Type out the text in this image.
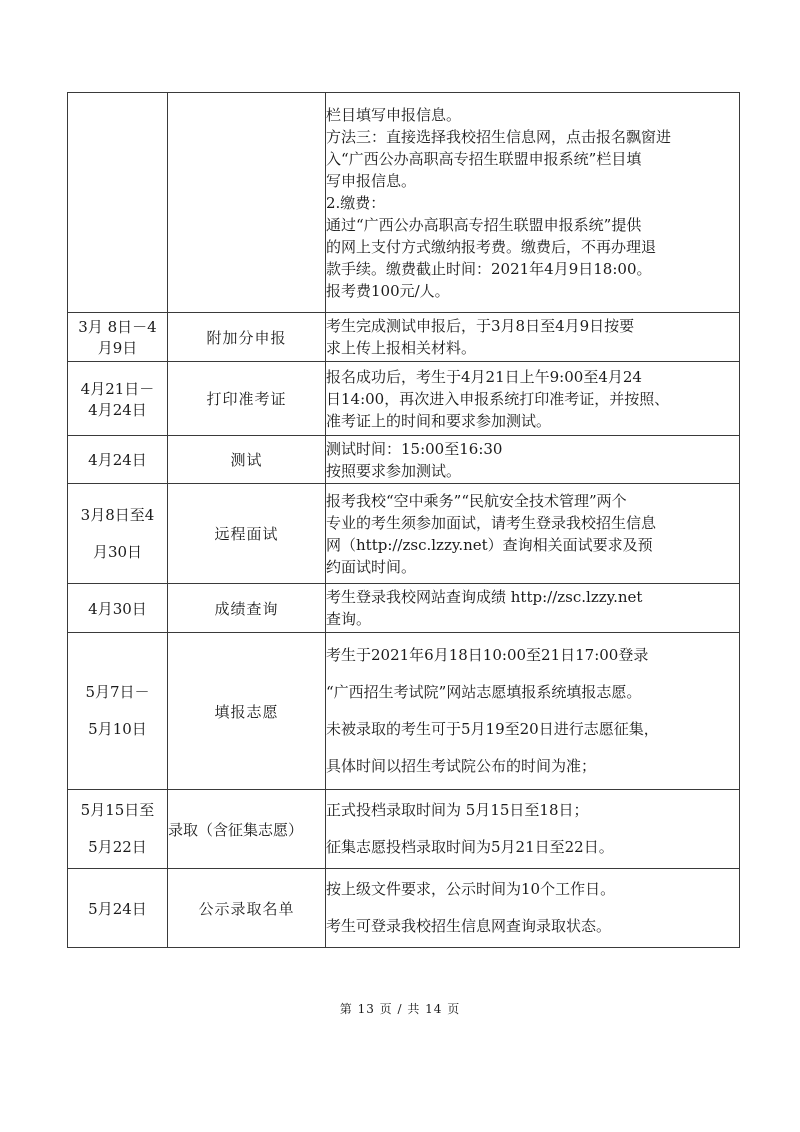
栏目填写申报信息。
方法三：直接选择我校招生信息网，点击报名飘窗进
入“广西公办高职高专招生联盟申报系统”栏目填
写申报信息。
2.缴费：
通过“广西公办高职高专招生联盟申报系统”提供
的网上支付方式缴纳报考费。缴费后，不再办理退
款手续。缴费截止时间：2021年4月9日18:00。
报考费100元/人。

3月 8日－4
月9日	附加分申报	考生完成测试申报后，于3月8日至4月9日按要
求上传上报相关材料。

4月21日－
4月24日	打印准考证	报名成功后，考生于4月21日上午9:00至4月24
日14:00，再次进入申报系统打印准考证，并按照、
准考证上的时间和要求参加测试。

4月24日	测试	测试时间：15:00至16:30
按照要求参加测试。

3月8日至4
月30日	远程面试	报考我校“空中乘务”“民航安全技术管理”两个
专业的考生须参加面试，请考生登录我校招生信息
网（http://zsc.lzzy.net）查询相关面试要求及预
约面试时间。

4月30日	成绩查询	考生登录我校网站查询成绩 http://zsc.lzzy.net
查询。

5月7日－
5月10日	填报志愿	考生于2021年6月18日10:00至21日17:00登录
“广西招生考试院”网站志愿填报系统填报志愿。
未被录取的考生可于5月19至20日进行志愿征集，
具体时间以招生考试院公布的时间为准；

5月15日至
5月22日	录取（含征集志愿）	正式投档录取时间为 5月15日至18日；
征集志愿投档录取时间为5月21日至22日。

5月24日	公示录取名单	按上级文件要求，公示时间为10个工作日。
考生可登录我校招生信息网查询录取状态。
第 13 页 / 共 14 页
